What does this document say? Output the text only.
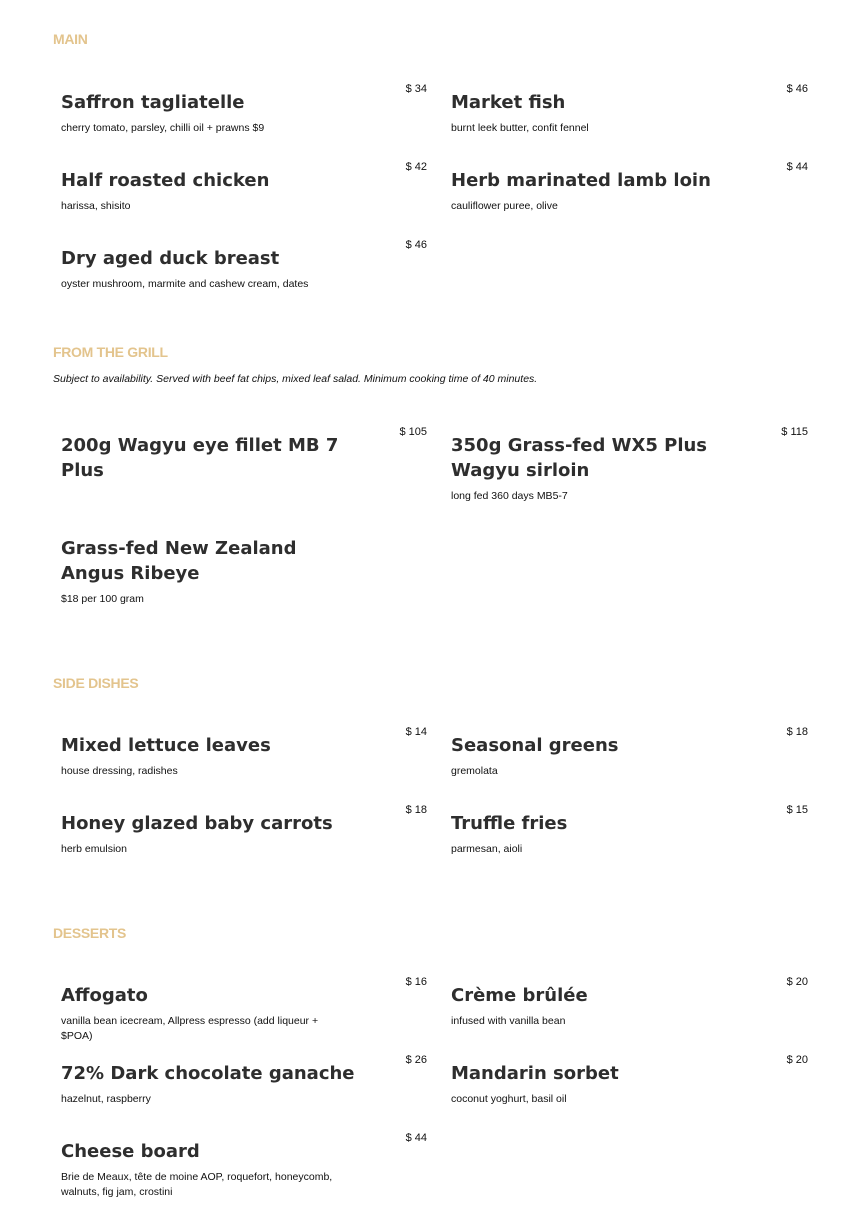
MAIN

Saffron tagliatelle

$ 34
cherry tomato, parsley, chilli oil + prawns $9

Market fish

$ 46
burnt leek butter, confit fennel

Half roasted chicken

$ 42
harissa, shisito

Herb marinated lamb loin

$ 44
cauliflower puree, olive

Dry aged duck breast

$ 46
oyster mushroom, marmite and cashew cream, dates
FROM THE GRILL

Subject to availability. Served with beef fat chips, mixed leaf salad. Minimum cooking time of 40 minutes.

200g Wagyu eye fillet MB 7 Plus

$ 105

350g Grass-fed WX5 Plus Wagyu sirloin

$ 115
long fed 360 days MB5-7

Grass-fed New Zealand Angus Ribeye

$18 per 100 gram
SIDE DISHES

Mixed lettuce leaves

$ 14
house dressing, radishes

Seasonal greens

$ 18
gremolata

Honey glazed baby carrots

$ 18
herb emulsion

Truffle fries

$ 15
parmesan, aioli
DESSERTS

Affogato

$ 16
vanilla bean icecream, Allpress espresso (add liqueur + $POA)

Crème brûlée

$ 20
infused with vanilla bean

72% Dark chocolate ganache

$ 26
hazelnut, raspberry

Mandarin sorbet

$ 20
coconut yoghurt, basil oil

Cheese board

$ 44
Brie de Meaux, tête de moine AOP, roquefort, honeycomb, walnuts, fig jam, crostini
